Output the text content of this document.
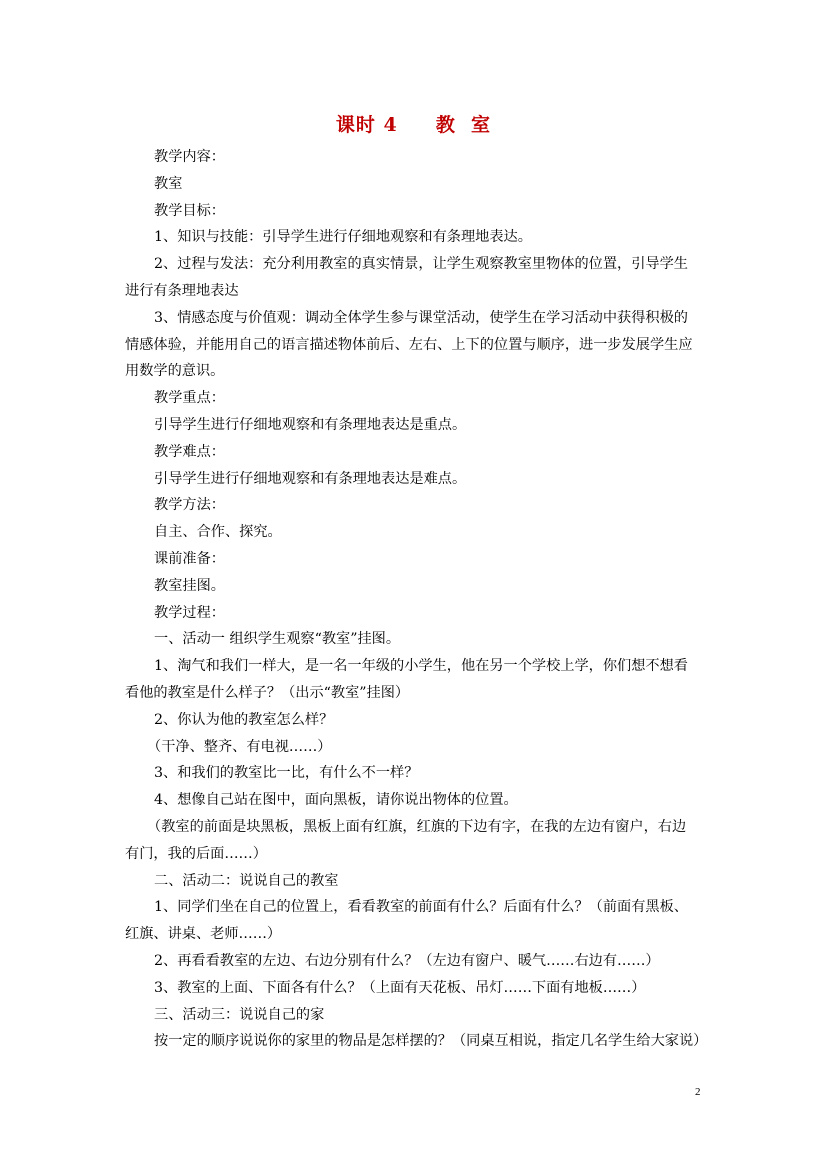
课时 4     教  室
教学内容：
教室
教学目标：
1、知识与技能：引导学生进行仔细地观察和有条理地表达。
2、过程与发法：充分利用教室的真实情景，让学生观察教室里物体的位置，引导学生
进行有条理地表达
3、情感态度与价值观：调动全体学生参与课堂活动，使学生在学习活动中获得积极的
情感体验，并能用自己的语言描述物体前后、左右、上下的位置与顺序，进一步发展学生应
用数学的意识。
教学重点：
引导学生进行仔细地观察和有条理地表达是重点。
教学难点：
引导学生进行仔细地观察和有条理地表达是难点。
教学方法：
自主、合作、探究。
课前准备：
教室挂图。
教学过程：
一、活动一 组织学生观察“教室”挂图。
1、淘气和我们一样大，是一名一年级的小学生，他在另一个学校上学，你们想不想看
看他的教室是什么样子？（出示“教室”挂图）
2、你认为他的教室怎么样？
（干净、整齐、有电视……）
3、和我们的教室比一比，有什么不一样？
4、想像自己站在图中，面向黑板，请你说出物体的位置。
（教室的前面是块黑板，黑板上面有红旗，红旗的下边有字，在我的左边有窗户，右边
有门，我的后面……）
二、活动二：说说自己的教室
1、同学们坐在自己的位置上，看看教室的前面有什么？后面有什么？（前面有黑板、
红旗、讲桌、老师……）
2、再看看教室的左边、右边分别有什么？（左边有窗户、暖气……右边有……）
3、教室的上面、下面各有什么？（上面有天花板、吊灯……下面有地板……）
三、活动三：说说自己的家
按一定的顺序说说你的家里的物品是怎样摆的？（同桌互相说，指定几名学生给大家说）
2
